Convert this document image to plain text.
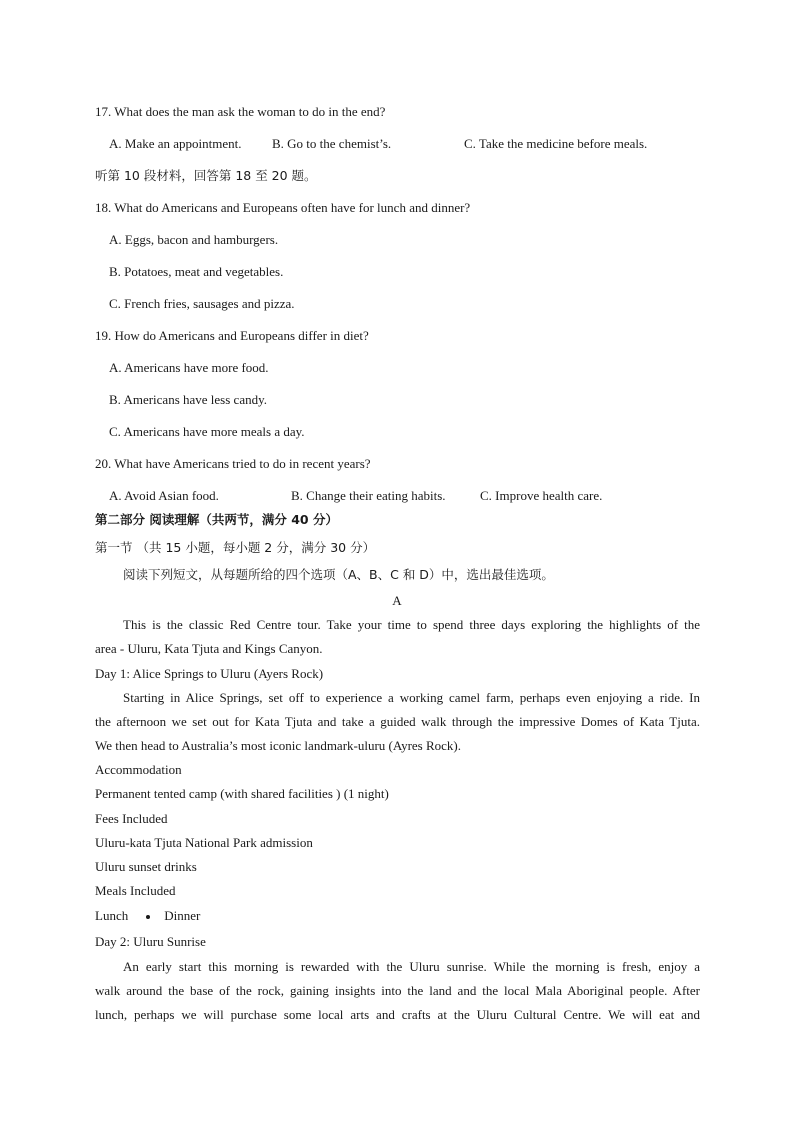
17. What does the man ask the woman to do in the end?
A. Make an appointment. B. Go to the chemist’s.	C. Take the medicine before meals.
听第 10 段材料，回答第 18 至 20 题。
18. What do Americans and Europeans often have for lunch and dinner?
A. Eggs, bacon and hamburgers.
B. Potatoes, meat and vegetables.
C. French fries, sausages and pizza.
19. How do Americans and Europeans differ in diet?
A. Americans have more food.
B. Americans have less candy.
C. Americans have more meals a day.
20. What have Americans tried to do in recent years?
A. Avoid Asian food.	B. Change their eating habits.	C. Improve health care.
第二部分 阅读理解（共两节，满分 40 分）
第一节 （共 15 小题，每小题 2 分，满分 30 分）
阅读下列短文，从每题所给的四个选项（A、B、C 和 D）中，选出最佳选项。
A
This is the classic Red Centre tour. Take your time to spend three days exploring the highlights of the
area - Uluru, Kata Tjuta and Kings Canyon.
Day 1: Alice Springs to Uluru (Ayers Rock)
Starting in Alice Springs, set off to experience a working camel farm, perhaps even enjoying a ride. In
the afternoon we set out for Kata Tjuta and take a guided walk through the impressive Domes of Kata Tjuta.
We then head to Australia’s most iconic landmark-uluru (Ayres Rock).
Accommodation
Permanent tented camp (with shared facilities ) (1 night)
Fees Included
Uluru-kata Tjuta National Park admission
Uluru sunset drinks
Meals Included
Lunch	Dinner
Day 2: Uluru Sunrise
An early start this morning is rewarded with the Uluru sunrise. While the morning is fresh, enjoy a
walk around the base of the rock, gaining insights into the land and the local Mala Aboriginal people. After
lunch, perhaps we will purchase some local arts and crafts at the Uluru Cultural Centre. We will eat and
